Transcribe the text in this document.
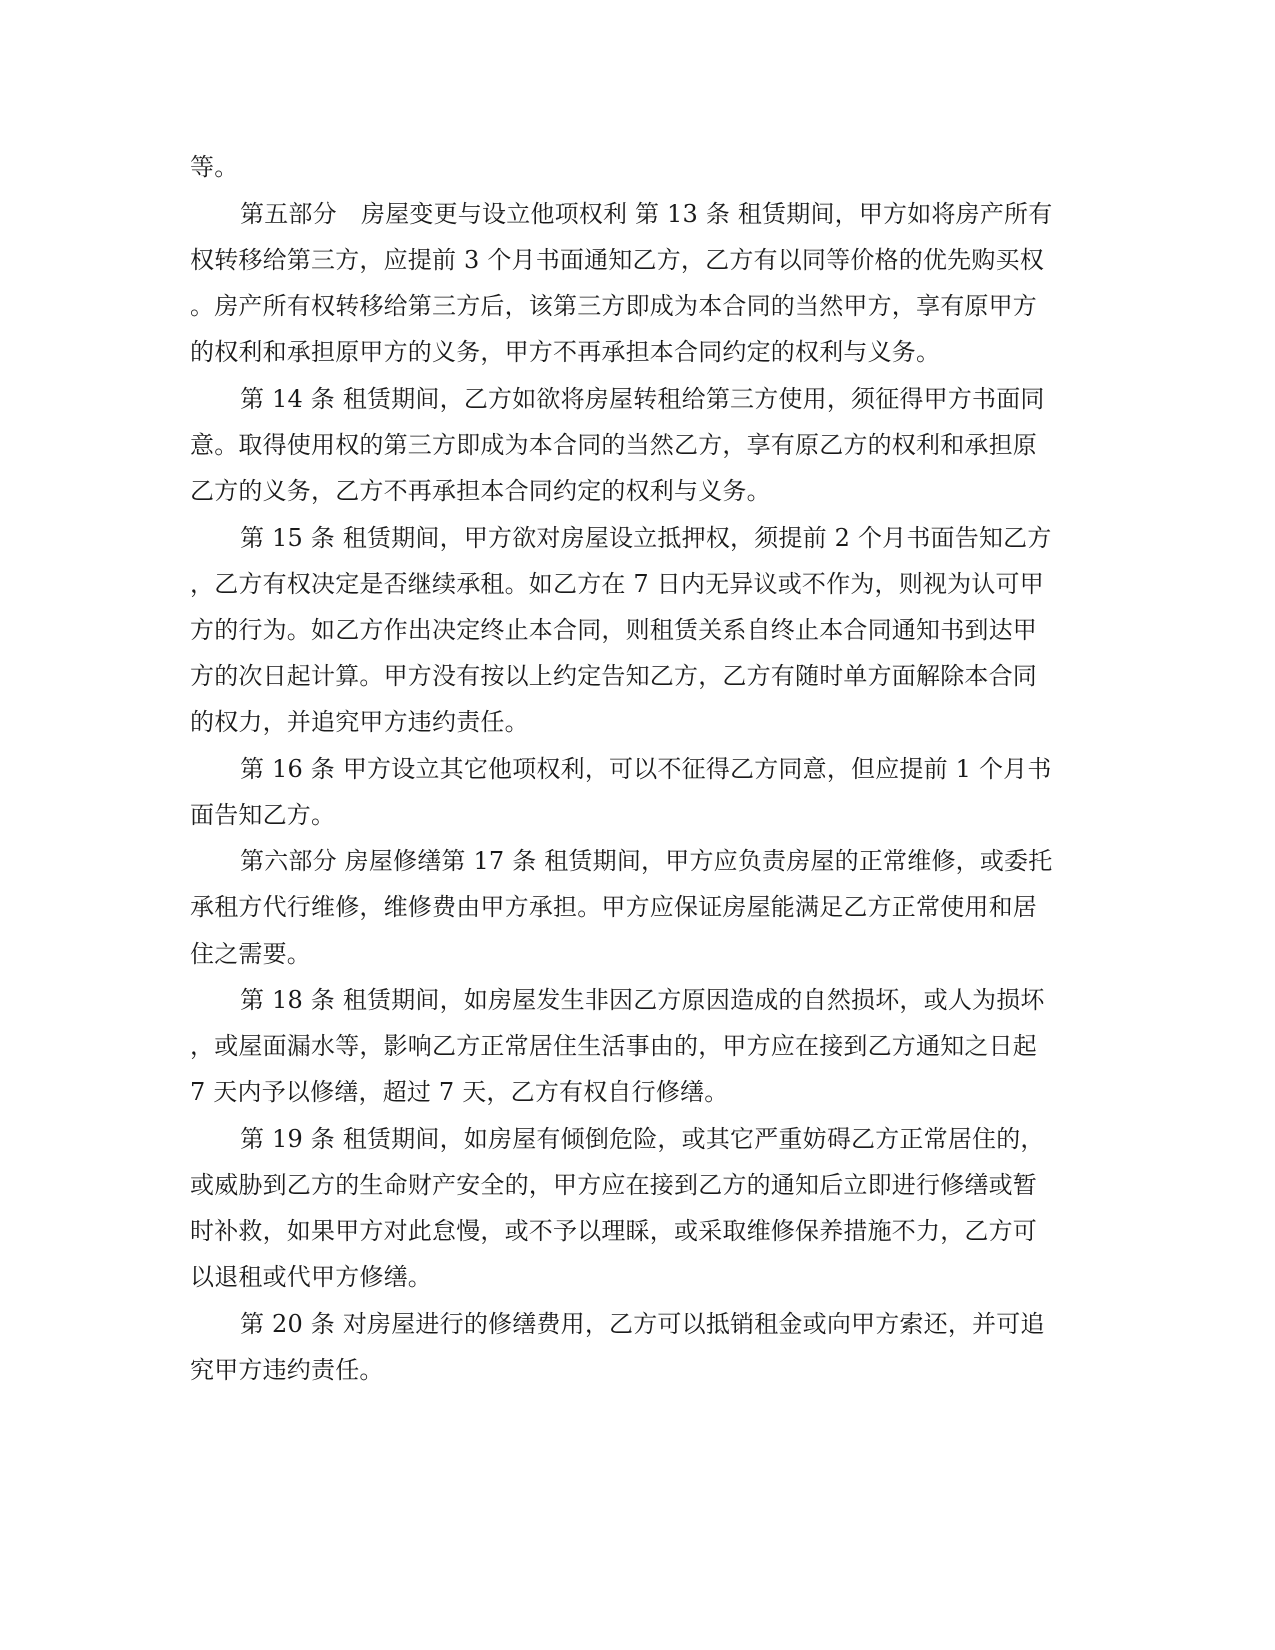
等。

第五部分　房屋变更与设立他项权利 第 13 条 租赁期间，甲方如将房产所有

权转移给第三方，应提前 3 个月书面通知乙方，乙方有以同等价格的优先购买权

。房产所有权转移给第三方后，该第三方即成为本合同的当然甲方，享有原甲方

的权利和承担原甲方的义务，甲方不再承担本合同约定的权利与义务。

第 14 条 租赁期间，乙方如欲将房屋转租给第三方使用，须征得甲方书面同

意。取得使用权的第三方即成为本合同的当然乙方，享有原乙方的权利和承担原

乙方的义务，乙方不再承担本合同约定的权利与义务。

第 15 条 租赁期间，甲方欲对房屋设立抵押权，须提前 2 个月书面告知乙方

，乙方有权决定是否继续承租。如乙方在 7 日内无异议或不作为，则视为认可甲

方的行为。如乙方作出决定终止本合同，则租赁关系自终止本合同通知书到达甲

方的次日起计算。甲方没有按以上约定告知乙方，乙方有随时单方面解除本合同

的权力，并追究甲方违约责任。

第 16 条 甲方设立其它他项权利，可以不征得乙方同意，但应提前 1 个月书

面告知乙方。

第六部分 房屋修缮第 17 条 租赁期间，甲方应负责房屋的正常维修，或委托

承租方代行维修，维修费由甲方承担。甲方应保证房屋能满足乙方正常使用和居

住之需要。

第 18 条 租赁期间，如房屋发生非因乙方原因造成的自然损坏，或人为损坏

，或屋面漏水等，影响乙方正常居住生活事由的，甲方应在接到乙方通知之日起

7 天内予以修缮，超过 7 天，乙方有权自行修缮。

第 19 条 租赁期间，如房屋有倾倒危险，或其它严重妨碍乙方正常居住的，

或威胁到乙方的生命财产安全的，甲方应在接到乙方的通知后立即进行修缮或暂

时补救，如果甲方对此怠慢，或不予以理睬，或采取维修保养措施不力，乙方可

以退租或代甲方修缮。

第 20 条 对房屋进行的修缮费用，乙方可以抵销租金或向甲方索还，并可追

究甲方违约责任。
